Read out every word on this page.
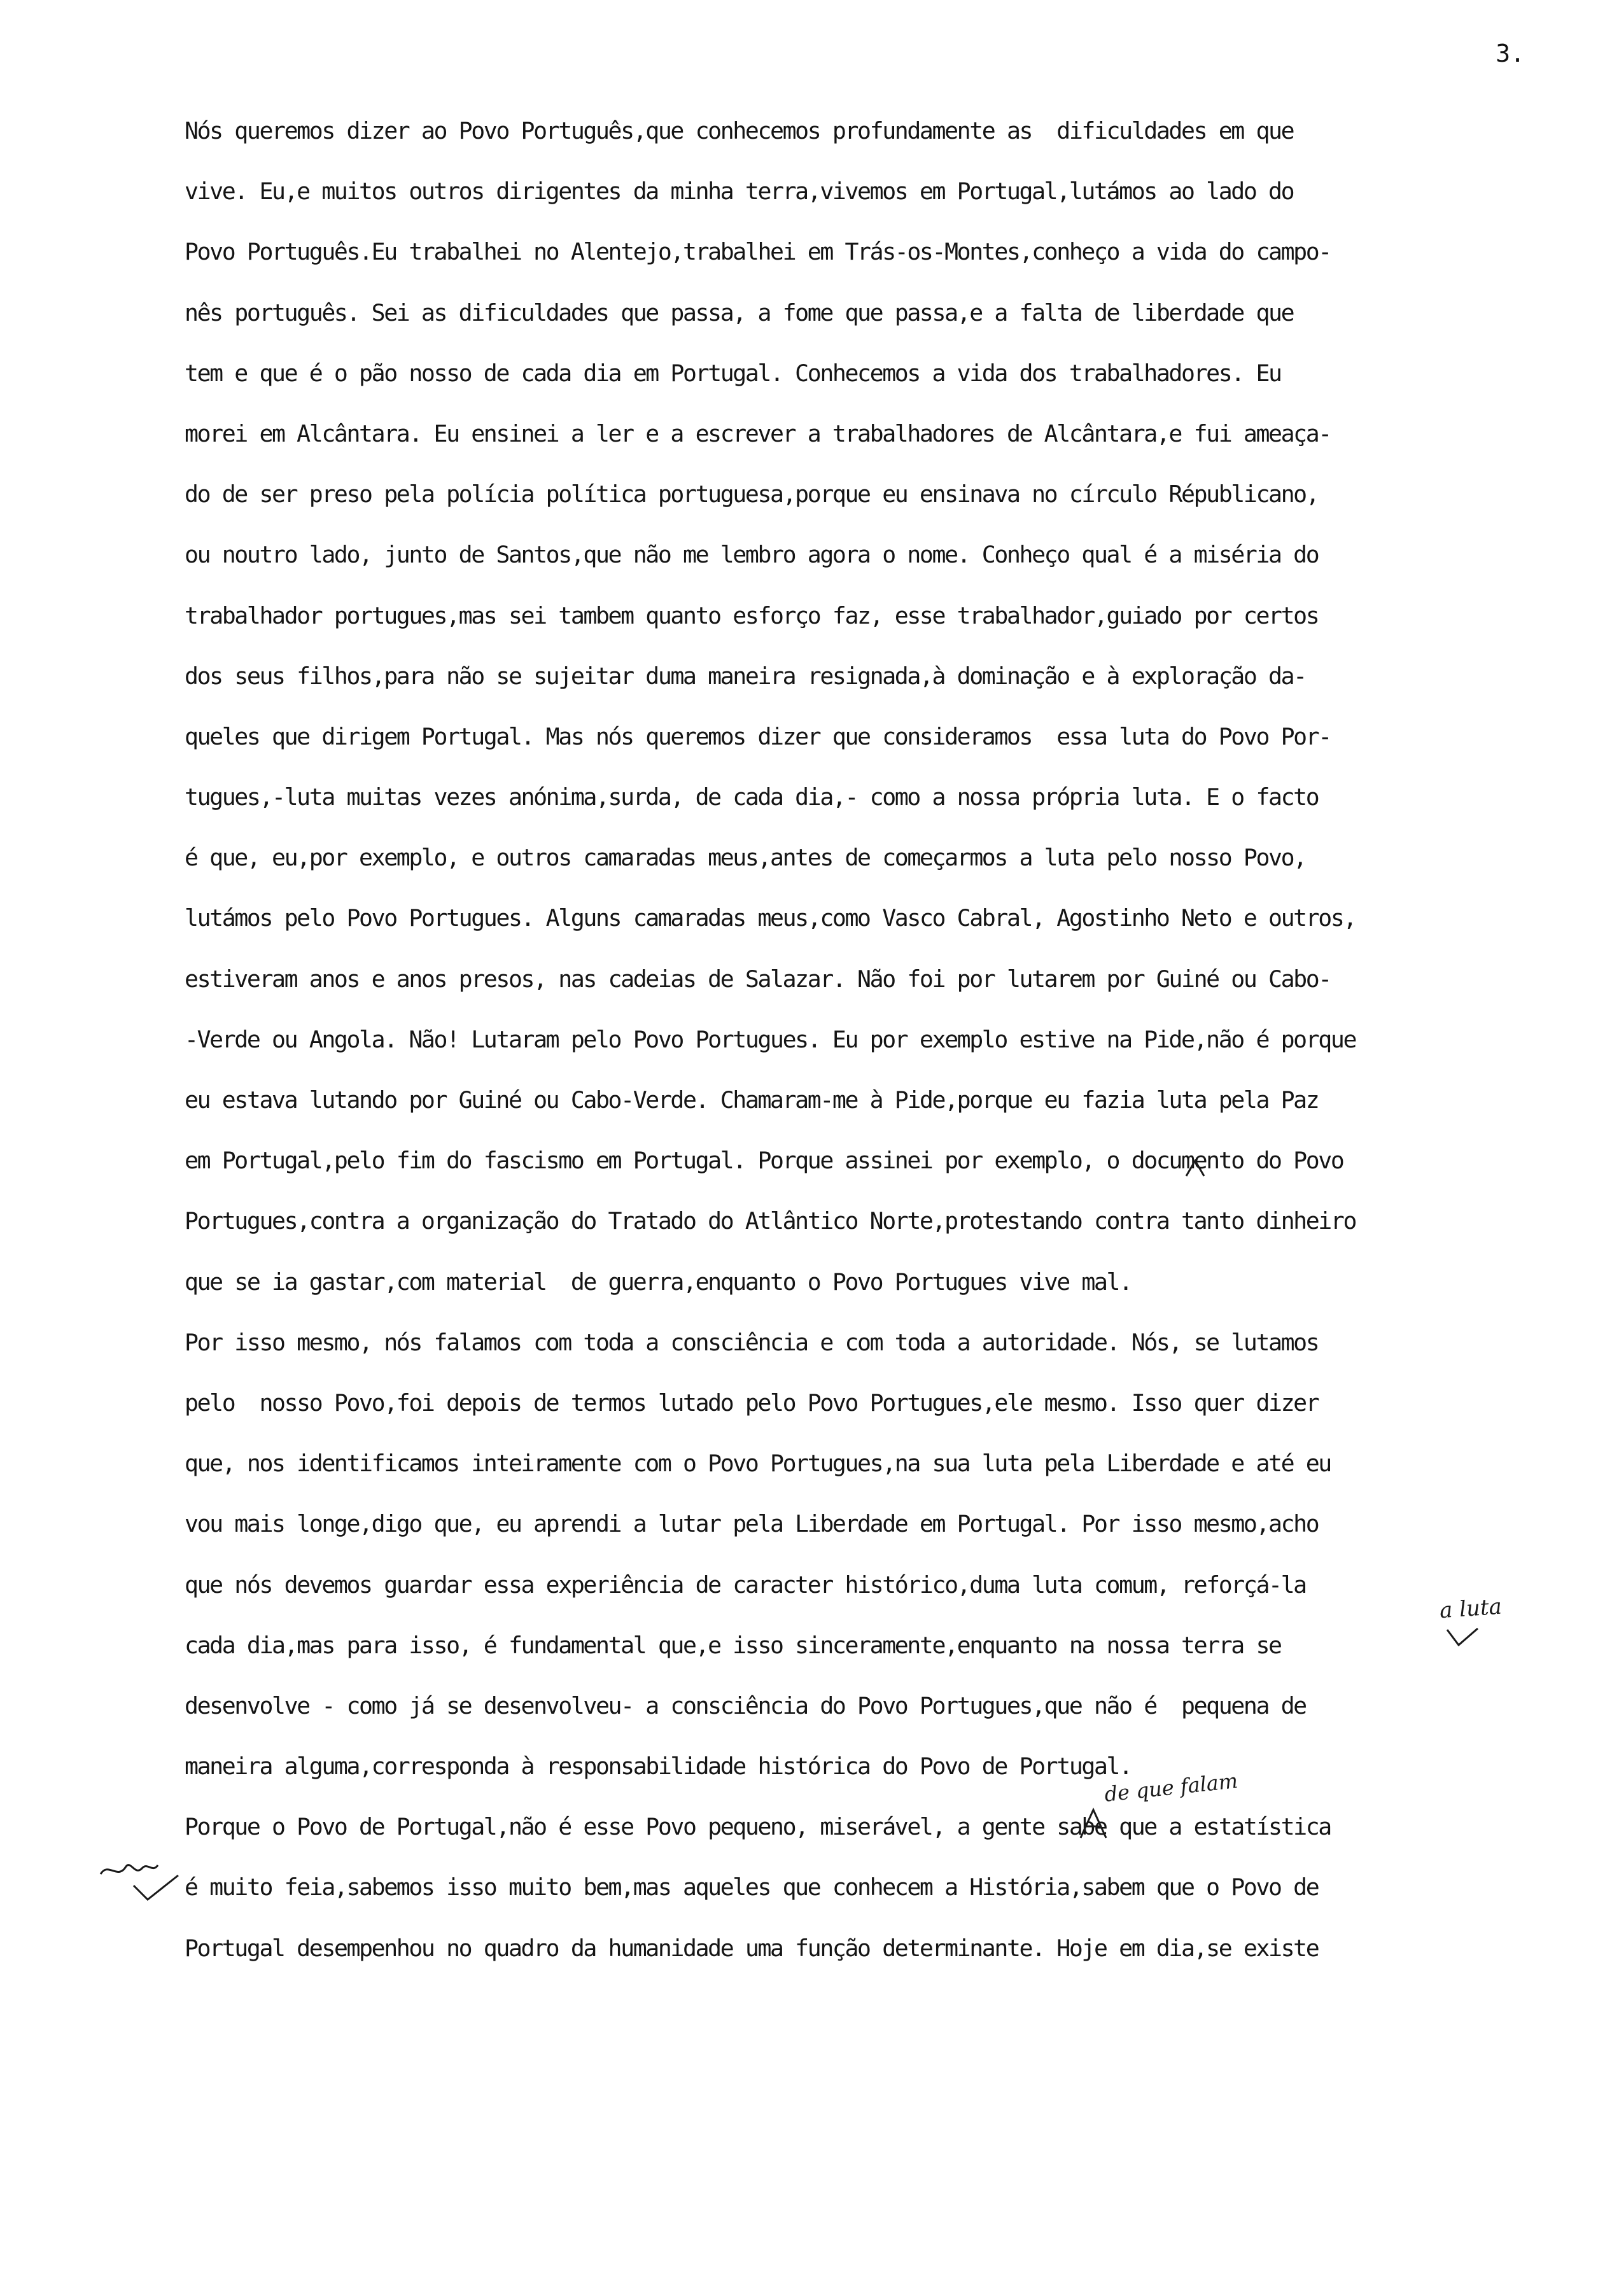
3.
Nós queremos dizer ao Povo Português,que conhecemos profundamente as  dificuldades em que
vive. Eu,e muitos outros dirigentes da minha terra,vivemos em Portugal,lutámos ao lado do
Povo Português.Eu trabalhei no Alentejo,trabalhei em Trás-os-Montes,conheço a vida do campo-
nês português. Sei as dificuldades que passa, a fome que passa,e a falta de liberdade que
tem e que é o pão nosso de cada dia em Portugal. Conhecemos a vida dos trabalhadores. Eu
morei em Alcântara. Eu ensinei a ler e a escrever a trabalhadores de Alcântara,e fui ameaça-
do de ser preso pela polícia política portuguesa,porque eu ensinava no círculo Républicano,
ou noutro lado, junto de Santos,que não me lembro agora o nome. Conheço qual é a miséria do
trabalhador portugues,mas sei tambem quanto esforço faz, esse trabalhador,guiado por certos
dos seus filhos,para não se sujeitar duma maneira resignada,à dominação e à exploração da-
queles que dirigem Portugal. Mas nós queremos dizer que consideramos  essa luta do Povo Por-
tugues,-luta muitas vezes anónima,surda, de cada dia,- como a nossa própria luta. E o facto
é que, eu,por exemplo, e outros camaradas meus,antes de começarmos a luta pelo nosso Povo,
lutámos pelo Povo Portugues. Alguns camaradas meus,como Vasco Cabral, Agostinho Neto e outros,
estiveram anos e anos presos, nas cadeias de Salazar. Não foi por lutarem por Guiné ou Cabo-
-Verde ou Angola. Não! Lutaram pelo Povo Portugues. Eu por exemplo estive na Pide,não é porque
eu estava lutando por Guiné ou Cabo-Verde. Chamaram-me à Pide,porque eu fazia luta pela Paz
em Portugal,pelo fim do fascismo em Portugal. Porque assinei por exemplo, o documento do Povo
Portugues,contra a organização do Tratado do Atlântico Norte,protestando contra tanto dinheiro
que se ia gastar,com material  de guerra,enquanto o Povo Portugues vive mal.
Por isso mesmo, nós falamos com toda a consciência e com toda a autoridade. Nós, se lutamos
pelo  nosso Povo,foi depois de termos lutado pelo Povo Portugues,ele mesmo. Isso quer dizer
que, nos identificamos inteiramente com o Povo Portugues,na sua luta pela Liberdade e até eu
vou mais longe,digo que, eu aprendi a lutar pela Liberdade em Portugal. Por isso mesmo,acho
que nós devemos guardar essa experiência de caracter histórico,duma luta comum, reforçá-la
cada dia,mas para isso, é fundamental que,e isso sinceramente,enquanto na nossa terra se
desenvolve - como já se desenvolveu- a consciência do Povo Portugues,que não é  pequena de
maneira alguma,corresponda à responsabilidade histórica do Povo de Portugal.
Porque o Povo de Portugal,não é esse Povo pequeno, miserável, a gente sabe que a estatística
é muito feia,sabemos isso muito bem,mas aqueles que conhecem a História,sabem que o Povo de
Portugal desempenhou no quadro da humanidade uma função determinante. Hoje em dia,se existe
a luta
de que falam
